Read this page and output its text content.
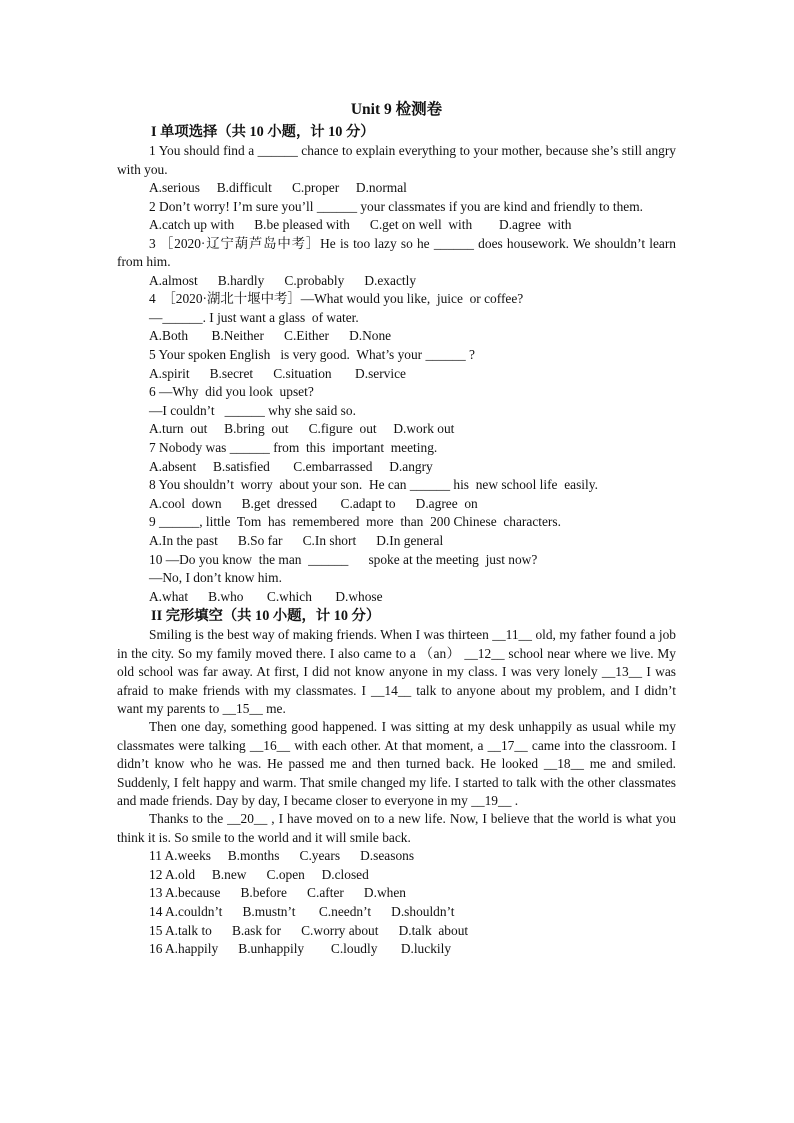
Unit 9 检测卷
I 单项选择（共 10 小题，计 10 分）

1 You should find a ______ chance to explain everything to your mother, because she’s still angry with you.

A.serious     B.difficult      C.proper     D.normal

2 Don’t worry! I’m sure you’ll ______ your classmates if you are kind and friendly to them.

A.catch up with      B.be pleased with      C.get on well  with        D.agree  with

3 ［2020·辽宁葫芦岛中考］He is too lazy so he ______ does housework. We shouldn’t learn from him.

A.almost      B.hardly      C.probably      D.exactly

4  ［2020·湖北十堰中考］—What would you like,  juice  or coffee?

—______. I just want a glass  of water.

A.Both       B.Neither      C.Either      D.None

5 Your spoken English   is very good.  What’s your ______ ?

A.spirit      B.secret      C.situation       D.service

6 —Why  did you look  upset?

—I couldn’t   ______ why she said so.

A.turn  out     B.bring  out      C.figure  out     D.work out

7 Nobody was ______ from  this  important  meeting.

A.absent     B.satisfied       C.embarrassed     D.angry

8 You shouldn’t  worry  about your son.  He can ______ his  new school life  easily.

A.cool  down      B.get  dressed       C.adapt to      D.agree  on

9 ______, little  Tom  has  remembered  more  than  200 Chinese  characters.

A.In the past      B.So far      C.In short      D.In general

10 —Do you know  the man  ______      spoke at the meeting  just now?

—No, I don’t know him.

A.what      B.who       C.which       D.whose

II 完形填空（共 10 小题，计 10 分）

Smiling is the best way of making friends. When I was thirteen __11__ old, my father found a job in the city. So my family moved there. I also came to a （an） __12__ school near where we live. My old school was far away. At first, I did not know anyone in my class. I was very lonely __13__ I was afraid to make friends with my classmates. I __14__ talk to anyone about my problem, and I didn’t want my parents to __15__ me.

Then one day, something good happened. I was sitting at my desk unhappily as usual while my classmates were talking __16__ with each other. At that moment, a __17__ came into the classroom. I didn’t know who he was. He passed me and then turned back. He looked __18__ me and smiled. Suddenly, I felt happy and warm. That smile changed my life. I started to talk with the other classmates and made friends. Day by day, I became closer to everyone in my __19__ .

Thanks to the __20__ , I have moved on to a new life. Now, I believe that the world is what you think it is. So smile to the world and it will smile back.

11 A.weeks     B.months      C.years      D.seasons

12 A.old     B.new      C.open     D.closed

13 A.because      B.before      C.after      D.when

14 A.couldn’t      B.mustn’t       C.needn’t      D.shouldn’t

15 A.talk to      B.ask for      C.worry about      D.talk  about

16 A.happily      B.unhappily        C.loudly       D.luckily
